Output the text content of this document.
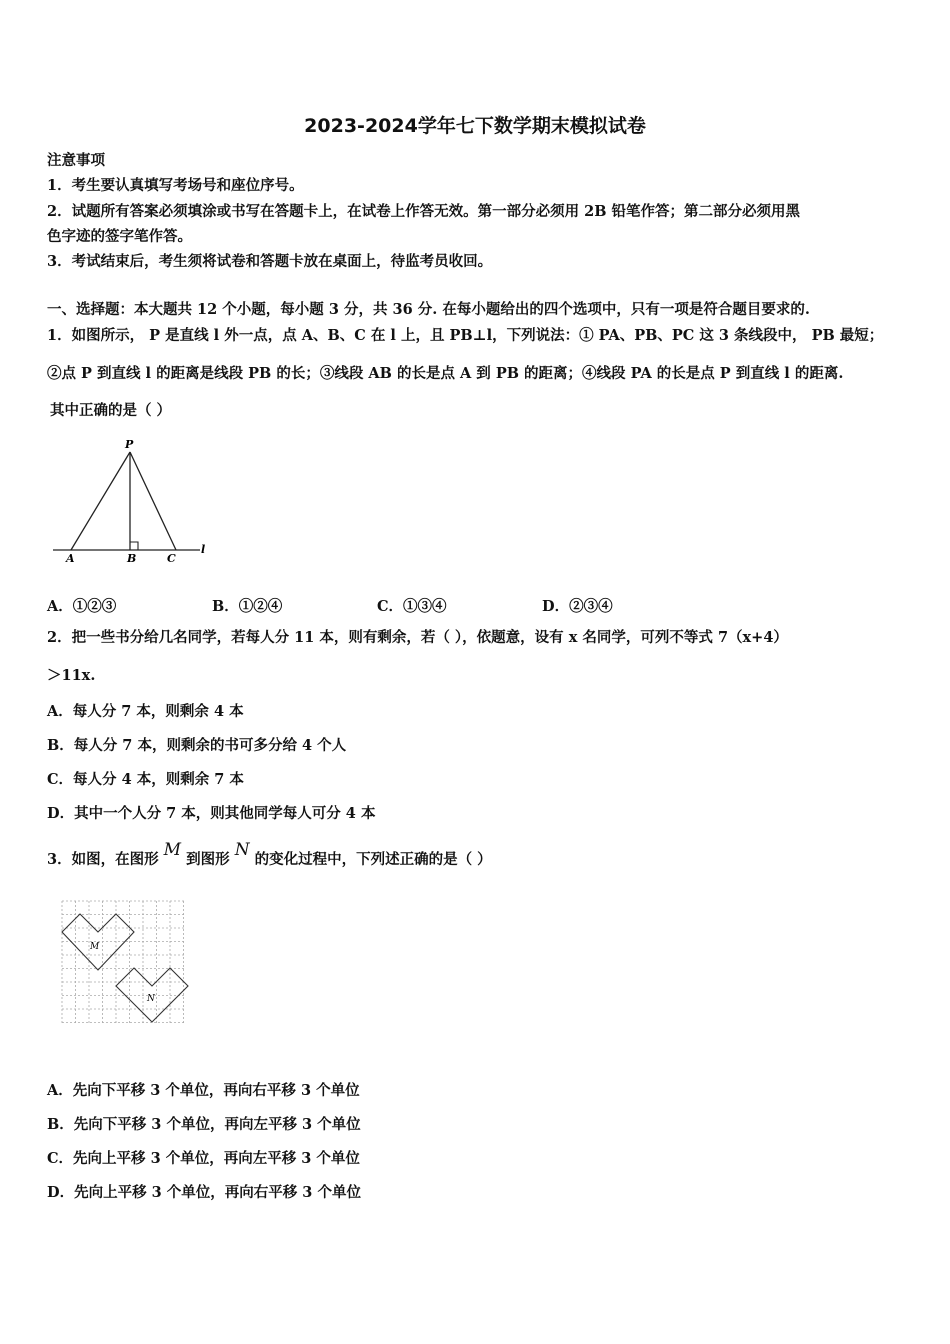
2023-2024学年七下数学期末模拟试卷
注意事项
1．考生要认真填写考场号和座位序号。
2．试题所有答案必须填涂或书写在答题卡上，在试卷上作答无效。第一部分必须用 2B 铅笔作答；第二部分必须用黑
色字迹的签字笔作答。
3．考试结束后，考生须将试卷和答题卡放在桌面上，待监考员收回。
一、选择题：本大题共 12 个小题，每小题 3 分，共 36 分. 在每小题给出的四个选项中，只有一项是符合题目要求的.
1．如图所示， P 是直线 l 外一点，点 A、B、C 在 l 上，且 PB⊥l，下列说法：① PA、PB、PC 这 3 条线段中， PB 最短；
②点 P 到直线 l 的距离是线段 PB 的长；③线段 AB 的长是点 A 到 PB 的距离；④线段 PA 的长是点 P 到直线 l 的距离.
其中正确的是（ ）
P
A	B	C
l
A．①②③	B．①②④	C．①③④	D．②③④
2．把一些书分给几名同学，若每人分 11 本，则有剩余，若（ ），依题意，设有 x 名同学，可列不等式 7（x+4）
＞11x.
A．每人分 7 本，则剩余 4 本
B．每人分 7 本，则剩余的书可多分给 4 个人
C．每人分 4 本，则剩余 7 本
D．其中一个人分 7 本，则其他同学每人可分 4 本
3．如图，在图形 M 到图形 N 的变化过程中，下列述正确的是（ ）
M
N
A．先向下平移 3 个单位，再向右平移 3 个单位
B．先向下平移 3 个单位，再向左平移 3 个单位
C．先向上平移 3 个单位，再向左平移 3 个单位
D．先向上平移 3 个单位，再向右平移 3 个单位
